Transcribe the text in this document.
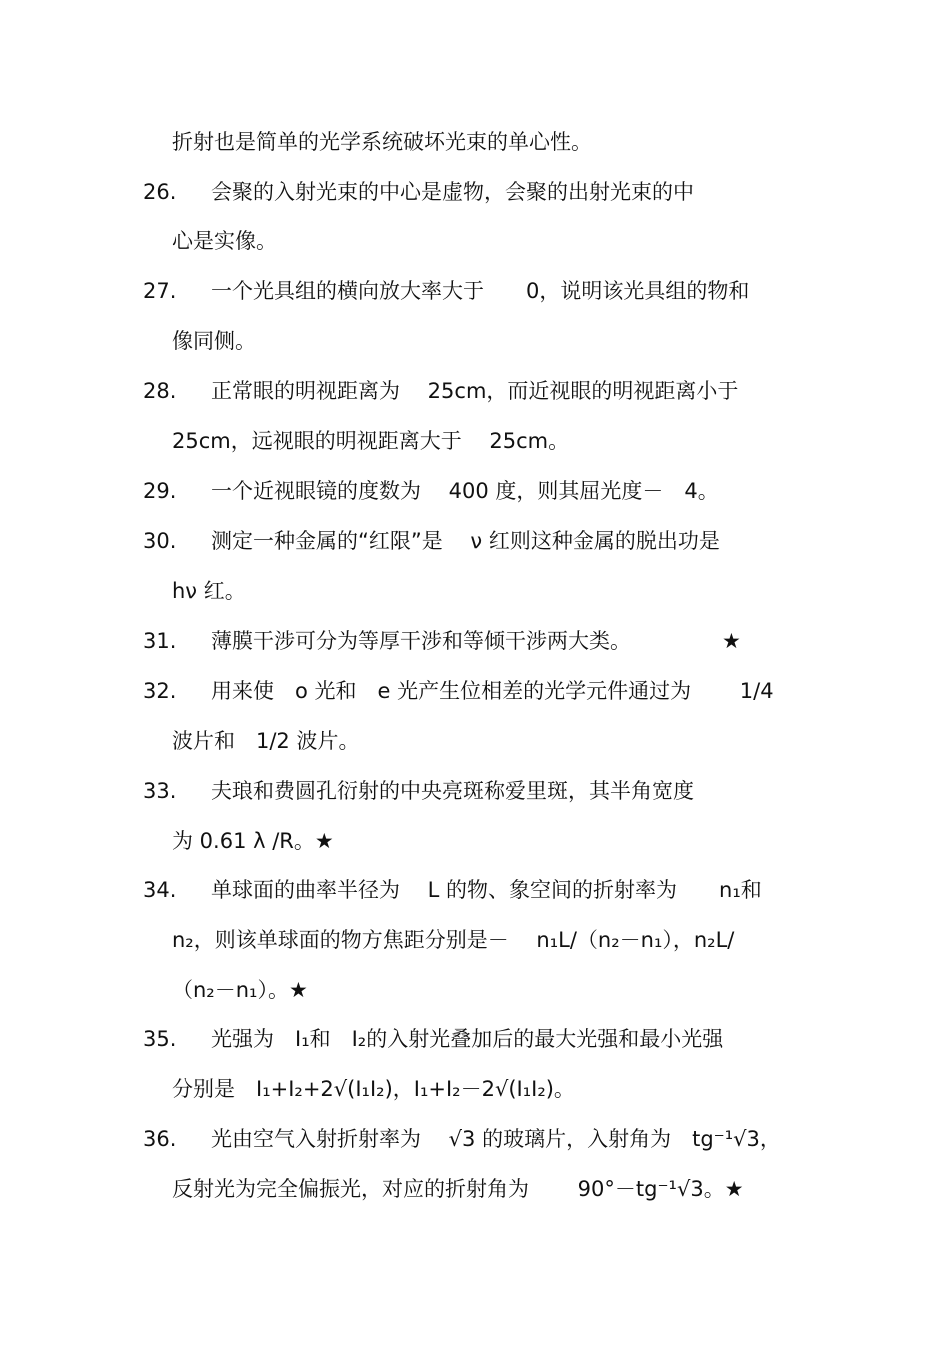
折射也是简单的光学系统破坏光束的单心性。
26. 会聚的入射光束的中心是虚物，会聚的出射光束的中
心是实像。
27. 一个光具组的横向放大率大于　　0，说明该光具组的物和
像同侧。
28. 正常眼的明视距离为　 25cm，而近视眼的明视距离小于
25cm，远视眼的明视距离大于　 25cm。
29. 一个近视眼镜的度数为　 400 度，则其屈光度－　4。
30. 测定一种金属的“红限”是　 ν 红则这种金属的脱出功是
hν 红。
31. 薄膜干涉可分为等厚干涉和等倾干涉两大类。	★
32. 用来使　o 光和　e 光产生位相差的光学元件通过为　　 1/4
波片和　1/2 波片。
33. 夫琅和费圆孔衍射的中央亮斑称爱里斑，其半角宽度
为 0.61 λ /R。★
34. 单球面的曲率半径为　 L 的物、象空间的折射率为　　n₁和
n₂，则该单球面的物方焦距分别是－　 n₁L/（n₂－n₁），n₂L/
（n₂－n₁）。★
35. 光强为　I₁和　I₂的入射光叠加后的最大光强和最小光强
分别是　I₁+I₂+2√(I₁I₂)，I₁+I₂－2√(I₁I₂)。
36. 光由空气入射折射率为　 √3 的玻璃片，入射角为　tg⁻¹√3，
反射光为完全偏振光，对应的折射角为　　 90°－tg⁻¹√3。★
